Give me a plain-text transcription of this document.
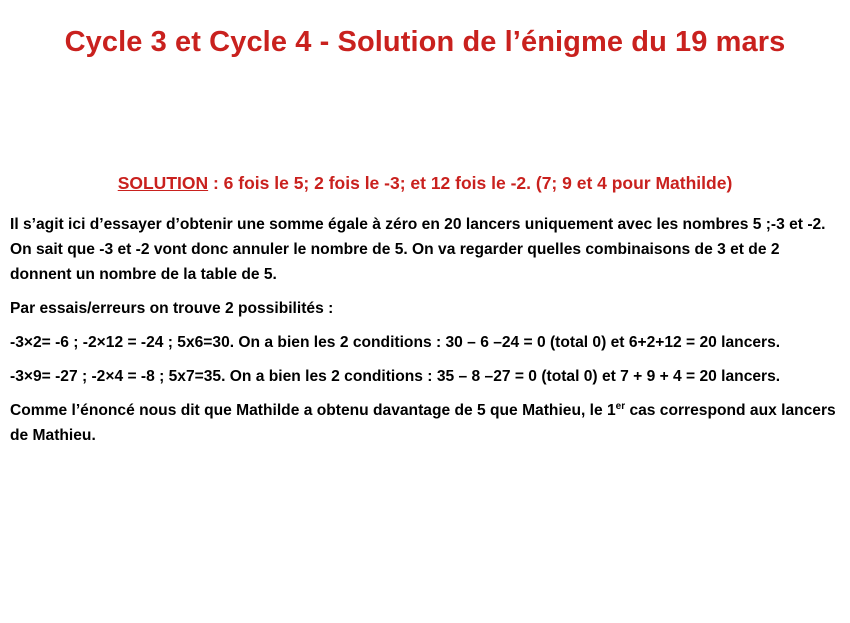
Cycle 3 et Cycle 4 - Solution de l’énigme du 19 mars
SOLUTION : 6 fois le 5; 2 fois le -3; et 12 fois le -2. (7; 9 et 4 pour Mathilde)

Il s’agit ici d’essayer d’obtenir une somme égale à zéro en 20 lancers uniquement avec les nombres 5 ;-3 et -2. On sait que -3 et -2 vont donc annuler le nombre de 5. On va regarder quelles combinaisons de 3 et de 2 donnent un nombre de la table de 5.

Par essais/erreurs on trouve 2 possibilités :

-3×2= -6 ; -2×12 = -24 ; 5x6=30. On a bien les 2 conditions : 30 – 6 –24 = 0 (total 0) et 6+2+12 = 20 lancers.

-3×9= -27 ; -2×4 = -8 ; 5x7=35. On a bien les 2 conditions : 35 – 8 –27 = 0 (total 0) et 7 + 9 + 4 = 20 lancers.

Comme l’énoncé nous dit que Mathilde a obtenu davantage de 5 que Mathieu, le 1er cas correspond aux lancers de Mathieu.
